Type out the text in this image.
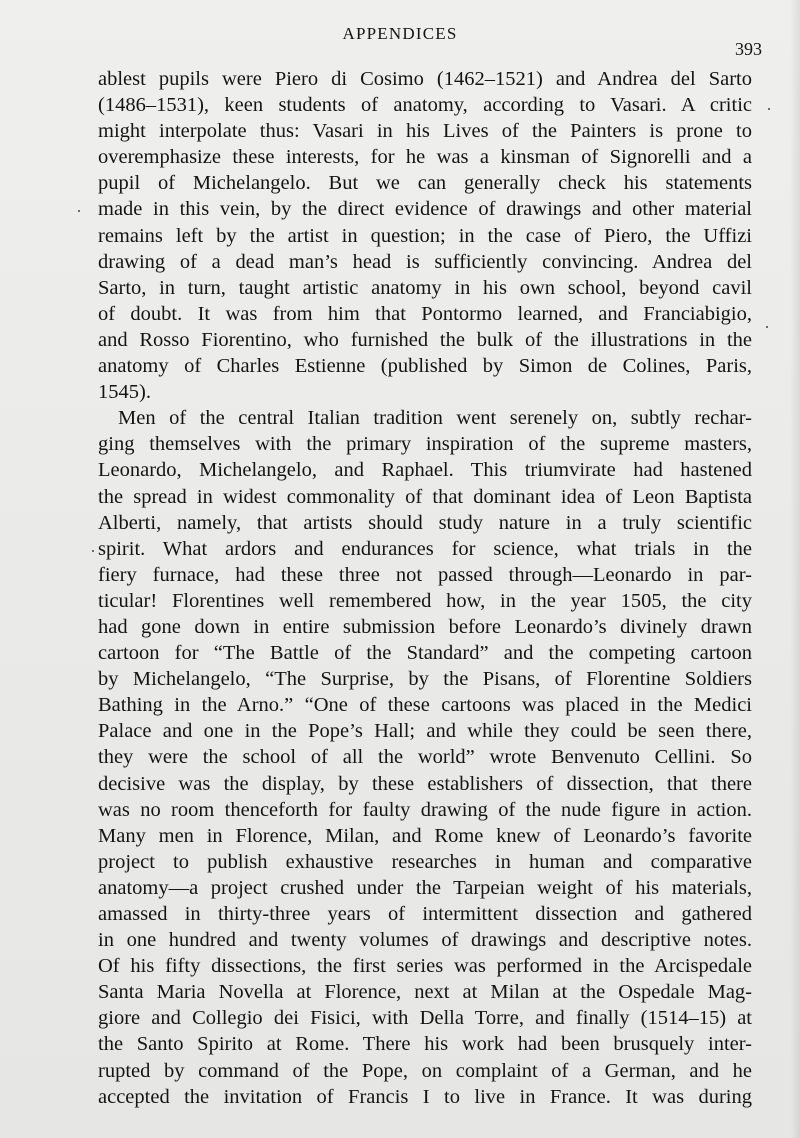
APPENDICES
393
ablest pupils were Piero di Cosimo (1462–1521) and Andrea del Sarto
(1486–1531), keen students of anatomy, according to Vasari. A critic
might interpolate thus: Vasari in his Lives of the Painters is prone to
overemphasize these interests, for he was a kinsman of Signorelli and a
pupil of Michelangelo. But we can generally check his statements
made in this vein, by the direct evidence of drawings and other material
remains left by the artist in question; in the case of Piero, the Uffizi
drawing of a dead man’s head is sufficiently convincing. Andrea del
Sarto, in turn, taught artistic anatomy in his own school, beyond cavil
of doubt. It was from him that Pontormo learned, and Franciabigio,
and Rosso Fiorentino, who furnished the bulk of the illustrations in the
anatomy of Charles Estienne (published by Simon de Colines, Paris,
1545).
Men of the central Italian tradition went serenely on, subtly rechar-
ging themselves with the primary inspiration of the supreme masters,
Leonardo, Michelangelo, and Raphael. This triumvirate had hastened
the spread in widest commonality of that dominant idea of Leon Baptista
Alberti, namely, that artists should study nature in a truly scientific
spirit. What ardors and endurances for science, what trials in the
fiery furnace, had these three not passed through—Leonardo in par-
ticular! Florentines well remembered how, in the year 1505, the city
had gone down in entire submission before Leonardo’s divinely drawn
cartoon for “The Battle of the Standard” and the competing cartoon
by Michelangelo, “The Surprise, by the Pisans, of Florentine Soldiers
Bathing in the Arno.” “One of these cartoons was placed in the Medici
Palace and one in the Pope’s Hall; and while they could be seen there,
they were the school of all the world” wrote Benvenuto Cellini. So
decisive was the display, by these establishers of dissection, that there
was no room thenceforth for faulty drawing of the nude figure in action.
Many men in Florence, Milan, and Rome knew of Leonardo’s favorite
project to publish exhaustive researches in human and comparative
anatomy—a project crushed under the Tarpeian weight of his materials,
amassed in thirty-three years of intermittent dissection and gathered
in one hundred and twenty volumes of drawings and descriptive notes.
Of his fifty dissections, the first series was performed in the Arcispedale
Santa Maria Novella at Florence, next at Milan at the Ospedale Mag-
giore and Collegio dei Fisici, with Della Torre, and finally (1514–15) at
the Santo Spirito at Rome. There his work had been brusquely inter-
rupted by command of the Pope, on complaint of a German, and he
accepted the invitation of Francis I to live in France. It was during
